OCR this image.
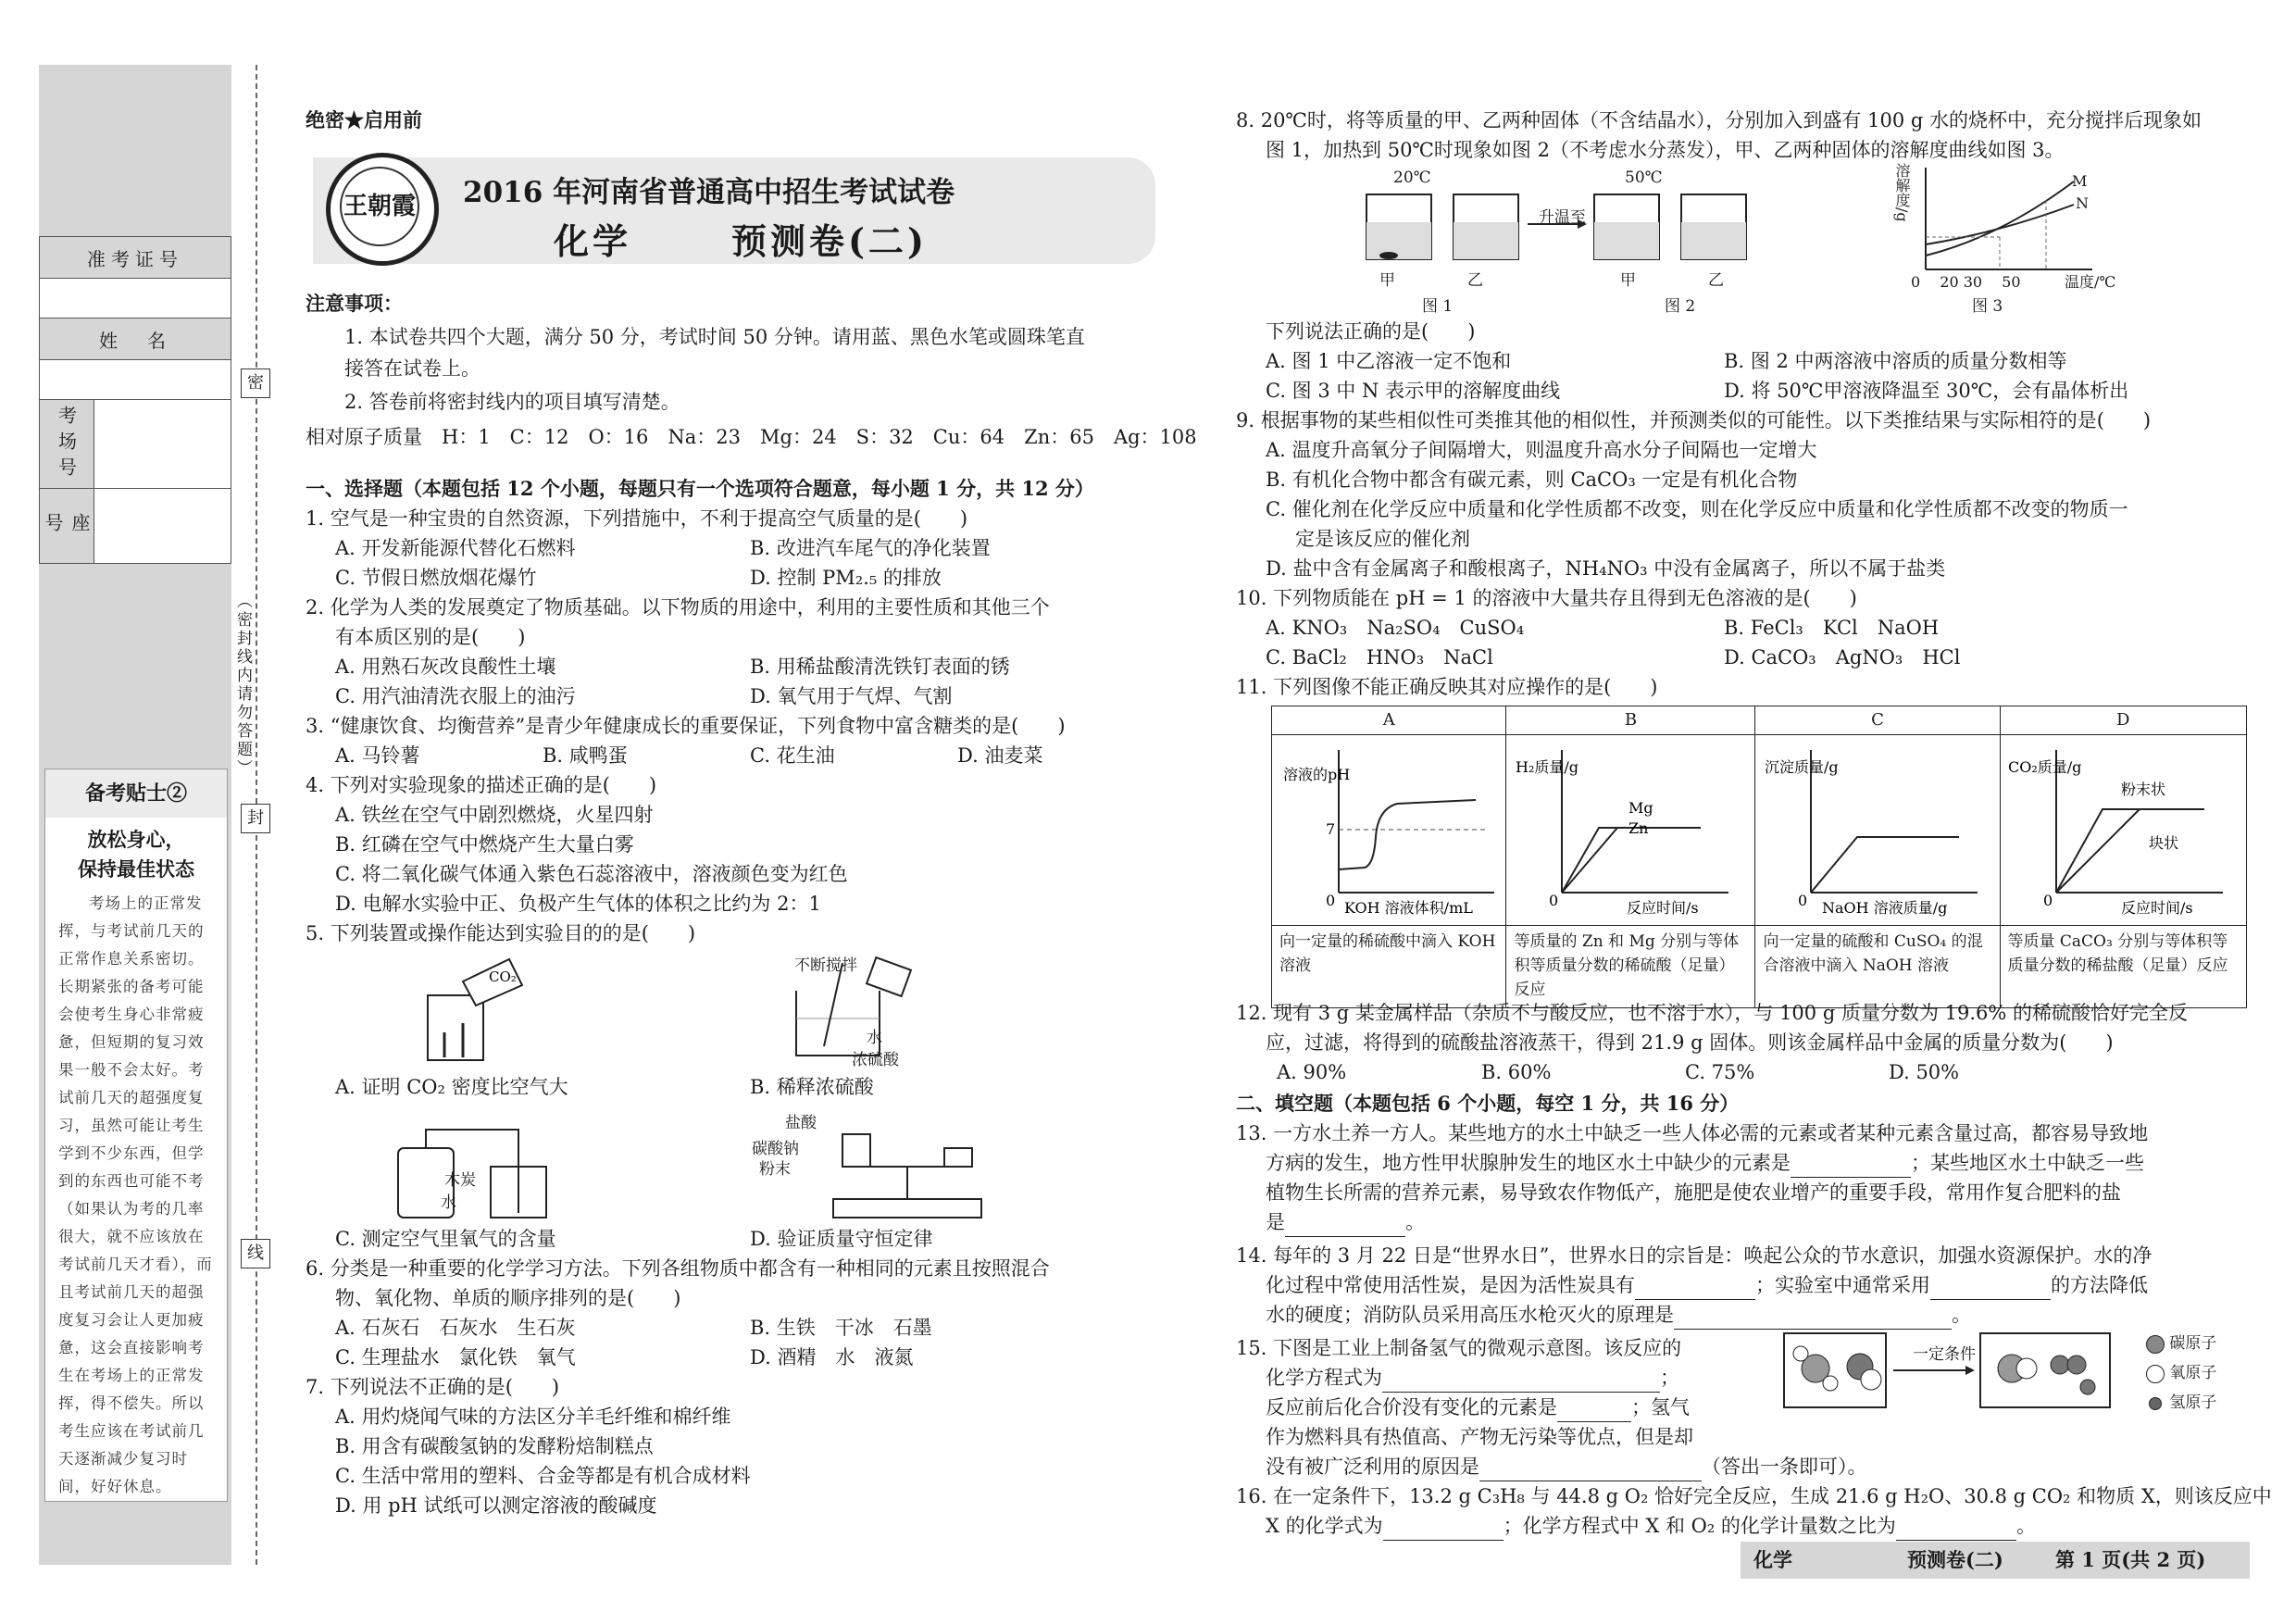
准考证号	

姓　名	

考场号	
座　号	
备考贴士②
放松身心，
保持最佳状态
考场上的正常发挥，与考试前几天的正常作息关系密切。长期紧张的备考可能会使考生身心非常疲惫，但短期的复习效果一般不会太好。考试前几天的超强度复习，虽然可能让考生学到不少东西，但学到的东西也可能不考（如果认为考的几率很大，就不应该放在考试前几天才看），而且考试前几天的超强度复习会让人更加疲惫，这会直接影响考生在考场上的正常发挥，得不偿失。所以考生应该在考试前几天逐渐减少复习时间，好好休息。
密
封
线
（密封线内请勿答题）
绝密★启用前
王朝霞 2016 年河南省普通高中招生考试试卷
化学	预测卷(二)
注意事项：
1. 本试卷共四个大题，满分 50 分，考试时间 50 分钟。请用蓝、黑色水笔或圆珠笔直
接答在试卷上。
2. 答卷前将密封线内的项目填写清楚。
相对原子质量　H：1　C：12　O：16　Na：23　Mg：24　S：32　Cu：64　Zn：65　Ag：108
一、选择题（本题包括 12 个小题，每题只有一个选项符合题意，每小题 1 分，共 12 分）
1. 空气是一种宝贵的自然资源，下列措施中，不利于提高空气质量的是(　　)
A. 开发新能源代替化石燃料	B. 改进汽车尾气的净化装置
C. 节假日燃放烟花爆竹	D. 控制 PM₂.₅ 的排放
2. 化学为人类的发展奠定了物质基础。以下物质的用途中，利用的主要性质和其他三个
有本质区别的是(　　)
A. 用熟石灰改良酸性土壤	B. 用稀盐酸清洗铁钉表面的锈
C. 用汽油清洗衣服上的油污	D. 氧气用于气焊、气割
3. “健康饮食、均衡营养”是青少年健康成长的重要保证，下列食物中富含糖类的是(　　)
A. 马铃薯	B. 咸鸭蛋	C. 花生油	D. 油麦菜
4. 下列对实验现象的描述正确的是(　　)
A. 铁丝在空气中剧烈燃烧，火星四射
B. 红磷在空气中燃烧产生大量白雾
C. 将二氧化碳气体通入紫色石蕊溶液中，溶液颜色变为红色
D. 电解水实验中正、负极产生气体的体积之比约为 2：1
5. 下列装置或操作能达到实验目的的是(　　)
CO₂
不断搅拌
水
浓硫酸
A. 证明 CO₂ 密度比空气大	B. 稀释浓硫酸
木炭
水
盐酸
碳酸钠
粉末
C. 测定空气里氧气的含量	D. 验证质量守恒定律
6. 分类是一种重要的化学学习方法。下列各组物质中都含有一种相同的元素且按照混合
物、氧化物、单质的顺序排列的是(　　)
A. 石灰石　石灰水　生石灰	B. 生铁　干冰　石墨
C. 生理盐水　氯化铁　氧气	D. 酒精　水　液氮
7. 下列说法不正确的是(　　)
A. 用灼烧闻气味的方法区分羊毛纤维和棉纤维
B. 用含有碳酸氢钠的发酵粉焙制糕点
C. 生活中常用的塑料、合金等都是有机合成材料
D. 用 pH 试纸可以测定溶液的酸碱度
8. 20℃时，将等质量的甲、乙两种固体（不含结晶水），分别加入到盛有 100 g 水的烧杯中，充分搅拌后现象如
图 1，加热到 50℃时现象如图 2（不考虑水分蒸发），甲、乙两种固体的溶解度曲线如图 3。
20℃	50℃
升温至
甲	乙	甲	乙
图 1	图 2
溶解度/g	M
N
0　 20 30　 50	温度/℃
图 3
下列说法正确的是(　　)
A. 图 1 中乙溶液一定不饱和	B. 图 2 中两溶液中溶质的质量分数相等
C. 图 3 中 N 表示甲的溶解度曲线	D. 将 50℃甲溶液降温至 30℃，会有晶体析出
9. 根据事物的某些相似性可类推其他的相似性，并预测类似的可能性。以下类推结果与实际相符的是(　　)
A. 温度升高氧分子间隔增大，则温度升高水分子间隔也一定增大
B. 有机化合物中都含有碳元素，则 CaCO₃ 一定是有机化合物
C. 催化剂在化学反应中质量和化学性质都不改变，则在化学反应中质量和化学性质都不改变的物质一
定是该反应的催化剂
D. 盐中含有金属离子和酸根离子，NH₄NO₃ 中没有金属离子，所以不属于盐类
10. 下列物质能在 pH = 1 的溶液中大量共存且得到无色溶液的是(　　)
A. KNO₃　Na₂SO₄　CuSO₄	B. FeCl₃　KCl　NaOH
C. BaCl₂　HNO₃　NaCl	D. CaCO₃　AgNO₃　HCl
11. 下列图像不能正确反映其对应操作的是(　　)
A	B	C	D

溶液的pH
7
0 KOH 溶液体积/mL	H₂质量/g
Mg
Zn
0 反应时间/s	沉淀质量/g
0 NaOH 溶液质量/g	CO₂质量/g
粉末状
块状
0 反应时间/s

向一定量的稀硫酸中滴入 KOH 溶液	等质量的 Zn 和 Mg 分别与等体积等质量分数的稀硫酸（足量）反应	向一定量的硫酸和 CuSO₄ 的混合溶液中滴入 NaOH 溶液	等质量 CaCO₃ 分别与等体积等质量分数的稀盐酸（足量）反应
12. 现有 3 g 某金属样品（杂质不与酸反应，也不溶于水），与 100 g 质量分数为 19.6% 的稀硫酸恰好完全反
应，过滤，将得到的硫酸盐溶液蒸干，得到 21.9 g 固体。则该金属样品中金属的质量分数为(　　)
A. 90%	B. 60%	C. 75%	D. 50%
二、填空题（本题包括 6 个小题，每空 1 分，共 16 分）
13. 一方水土养一方人。某些地方的水土中缺乏一些人体必需的元素或者某种元素含量过高，都容易导致地
方病的发生，地方性甲状腺肿发生的地区水土中缺少的元素是	；某些地区水土中缺乏一些
植物生长所需的营养元素，易导致农作物低产，施肥是使农业增产的重要手段，常用作复合肥料的盐
是	。
14. 每年的 3 月 22 日是“世界水日”，世界水日的宗旨是：唤起公众的节水意识，加强水资源保护。水的净
化过程中常使用活性炭，是因为活性炭具有	；实验室中通常采用	的方法降低
水的硬度；消防队员采用高压水枪灭火的原理是	。
15. 下图是工业上制备氢气的微观示意图。该反应的
化学方程式为	；
反应前后化合价没有变化的元素是	；氢气
作为燃料具有热值高、产物无污染等优点，但是却
没有被广泛利用的原因是	（答出一条即可）。
一定条件
碳原子
氧原子
氢原子
16. 在一定条件下，13.2 g C₃H₈ 与 44.8 g O₂ 恰好完全反应，生成 21.6 g H₂O、30.8 g CO₂ 和物质 X，则该反应中
X 的化学式为	；化学方程式中 X 和 O₂ 的化学计量数之比为	。
化学	预测卷(二)	第 1 页(共 2 页)
